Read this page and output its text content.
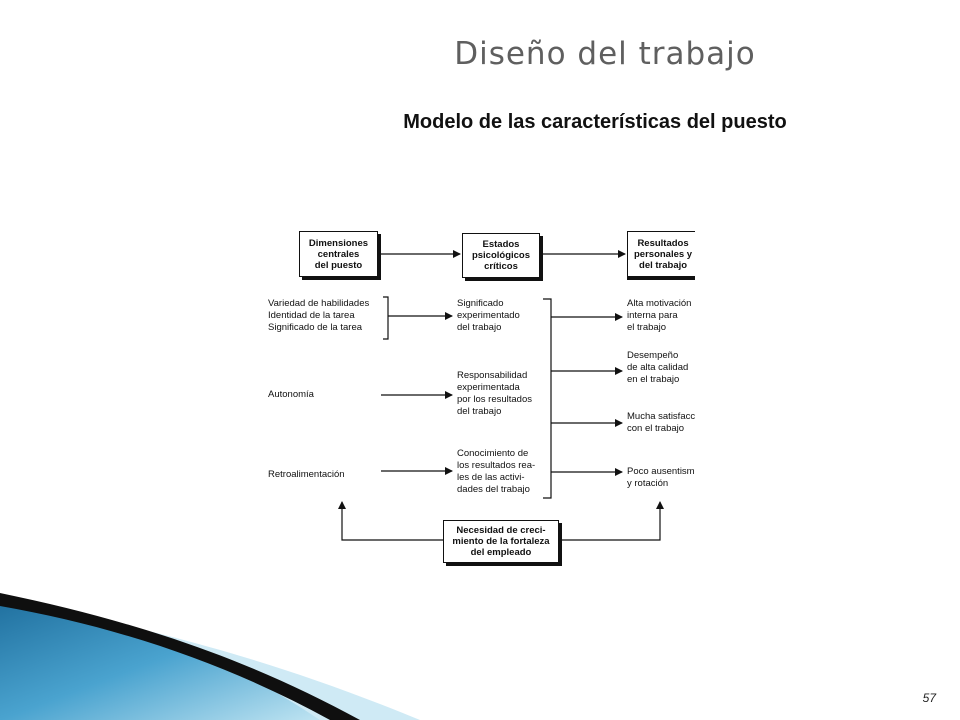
Diseño del trabajo
Modelo de las características del puesto
Dimensiones
centrales
del puesto
Estados
psicológicos
críticos
Resultados
personales y
del trabajo
Variedad de habilidades
Identidad de la tarea
Significado de la tarea
Autonomía
Retroalimentación
Significado
experimentado
del trabajo
Responsabilidad
experimentada
por los resultados
del trabajo
Conocimiento de
los resultados rea-
les de las activi-
dades del trabajo
Alta motivación
interna para
el trabajo
Desempeño
de alta calidad
en el trabajo
Mucha satisfacc
con el trabajo
Poco ausentism
y rotación
Necesidad de creci-
miento de la fortaleza
del empleado
57
